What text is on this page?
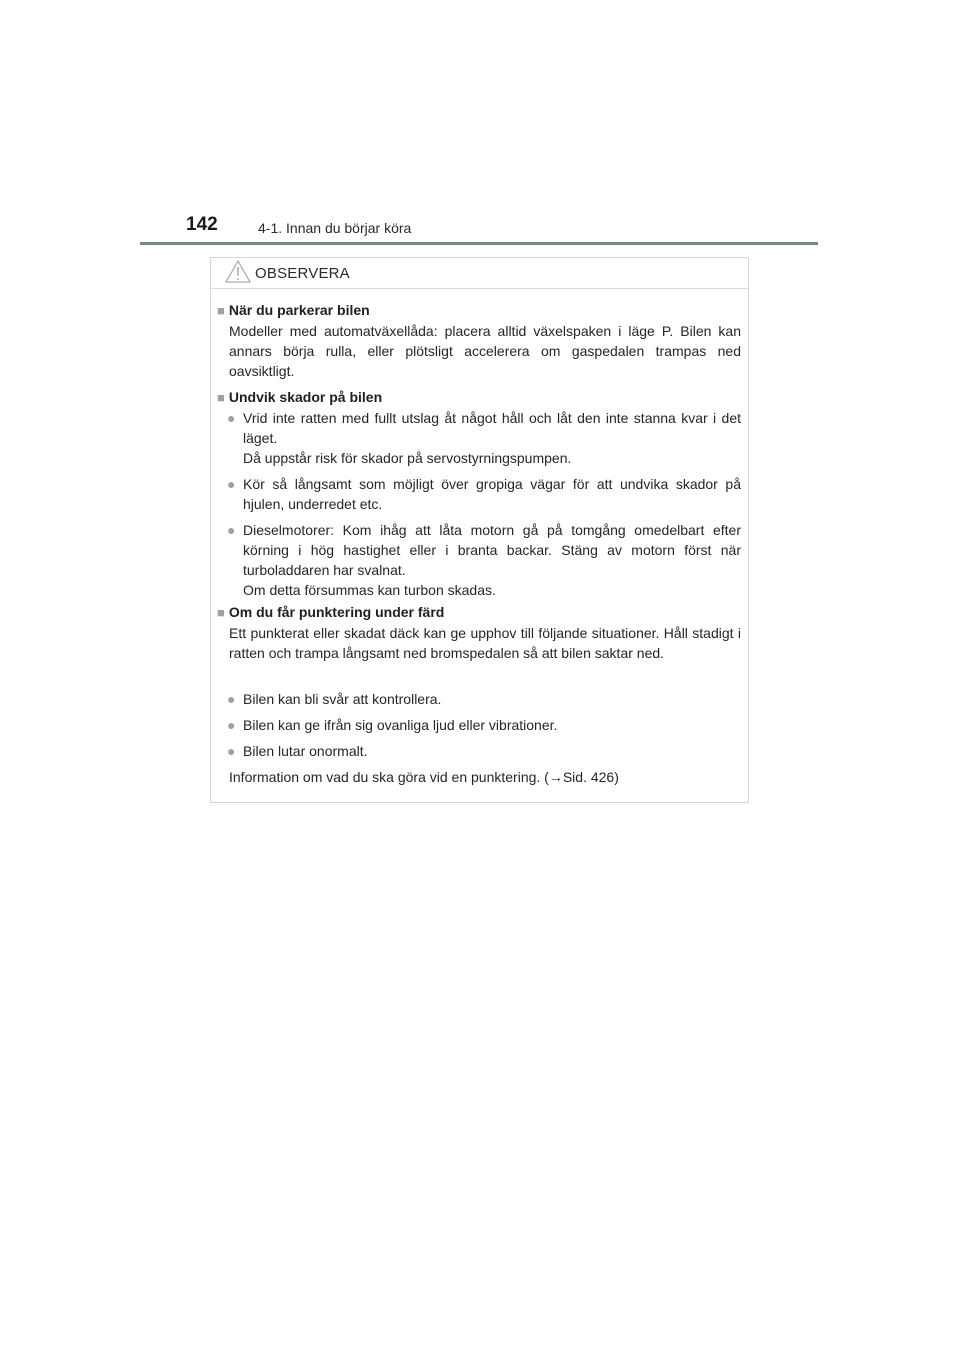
142	4-1. Innan du börjar köra
OBSERVERA
■ När du parkerar bilen
Modeller med automatväxellåda: placera alltid växelspaken i läge P. Bilen kan annars börja rulla, eller plötsligt accelerera om gaspedalen trampas ned oavsiktligt.
■ Undvik skador på bilen
● Vrid inte ratten med fullt utslag åt något håll och låt den inte stanna kvar i det läget.
Då uppstår risk för skador på servostyrningspumpen.
● Kör så långsamt som möjligt över gropiga vägar för att undvika skador på hjulen, underredet etc.
● Dieselmotorer: Kom ihåg att låta motorn gå på tomgång omedelbart efter körning i hög hastighet eller i branta backar. Stäng av motorn först när turboladdaren har svalnat.
Om detta försummas kan turbon skadas.
■ Om du får punktering under färd
Ett punkterat eller skadat däck kan ge upphov till följande situationer. Håll stadigt i ratten och trampa långsamt ned bromspedalen så att bilen saktar ned.
● Bilen kan bli svår att kontrollera.
● Bilen kan ge ifrån sig ovanliga ljud eller vibrationer.
● Bilen lutar onormalt.
Information om vad du ska göra vid en punktering. (→Sid. 426)
